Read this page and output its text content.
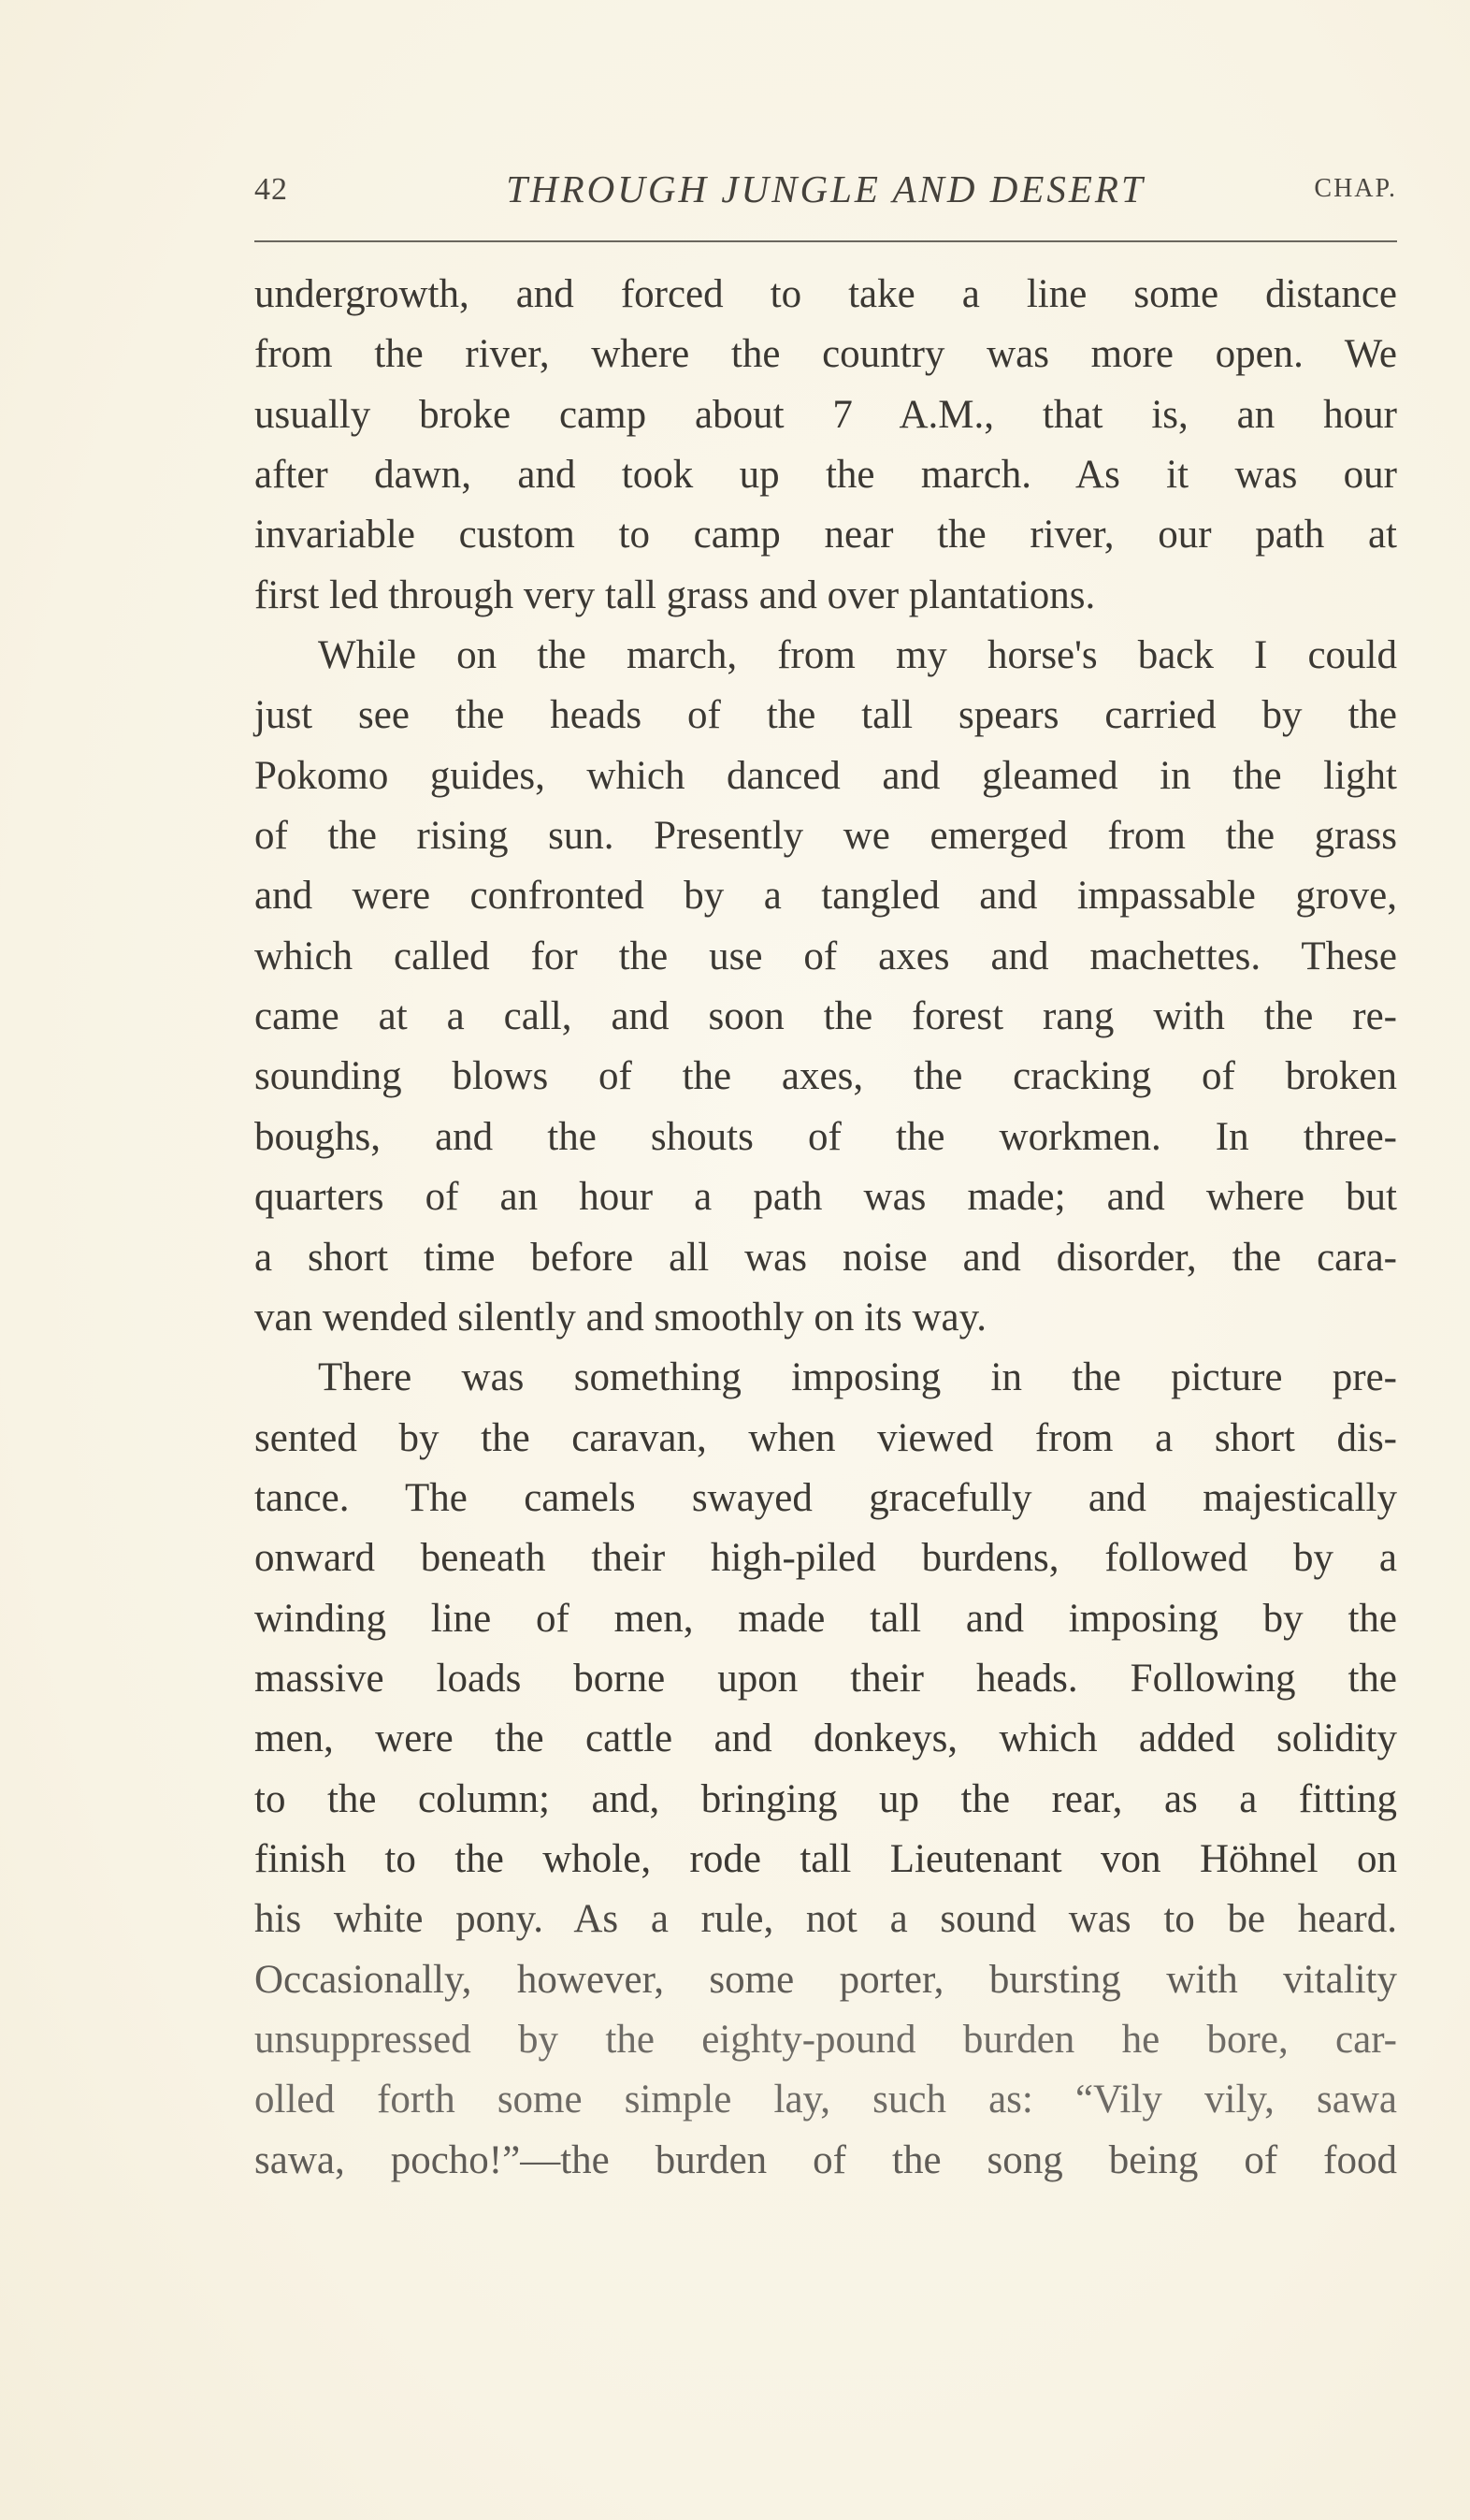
42	THROUGH JUNGLE AND DESERT	CHAP.
undergrowth, and forced to take a line some distance
from the river, where the country was more open. We
usually broke camp about 7 A.M., that is, an hour
after dawn, and took up the march. As it was our
invariable custom to camp near the river, our path at
first led through very tall grass and over plantations.
While on the march, from my horse's back I could
just see the heads of the tall spears carried by the
Pokomo guides, which danced and gleamed in the light
of the rising sun. Presently we emerged from the grass
and were confronted by a tangled and impassable grove,
which called for the use of axes and machettes. These
came at a call, and soon the forest rang with the re-
sounding blows of the axes, the cracking of broken
boughs, and the shouts of the workmen. In three-
quarters of an hour a path was made; and where but
a short time before all was noise and disorder, the cara-
van wended silently and smoothly on its way.
There was something imposing in the picture pre-
sented by the caravan, when viewed from a short dis-
tance. The camels swayed gracefully and majestically
onward beneath their high-piled burdens, followed by a
winding line of men, made tall and imposing by the
massive loads borne upon their heads. Following the
men, were the cattle and donkeys, which added solidity
to the column; and, bringing up the rear, as a fitting
finish to the whole, rode tall Lieutenant von Höhnel on
his white pony. As a rule, not a sound was to be heard.
Occasionally, however, some porter, bursting with vitality
unsuppressed by the eighty-pound burden he bore, car-
olled forth some simple lay, such as: “Vily vily, sawa
sawa, pocho!”—the burden of the song being of food
